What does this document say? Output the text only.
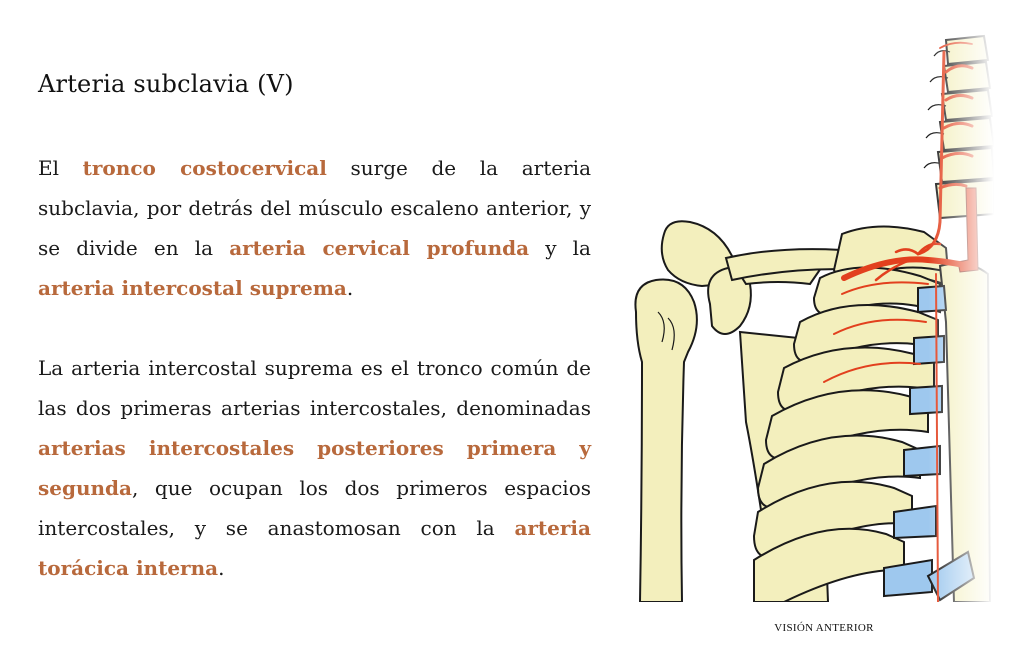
Arteria subclavia (V)

El tronco costocervical surge de la arteria subclavia, por detrás del músculo escaleno anterior, y se divide en la arteria cervical profunda y la arteria intercostal suprema.

La arteria intercostal suprema es el tronco común de las dos primeras arterias intercostales, denominadas arterias intercostales posteriores primera y segunda, que ocupan los dos primeros espacios intercostales, y se anastomosan con la arteria torácica interna.

VISIÓN ANTERIOR
